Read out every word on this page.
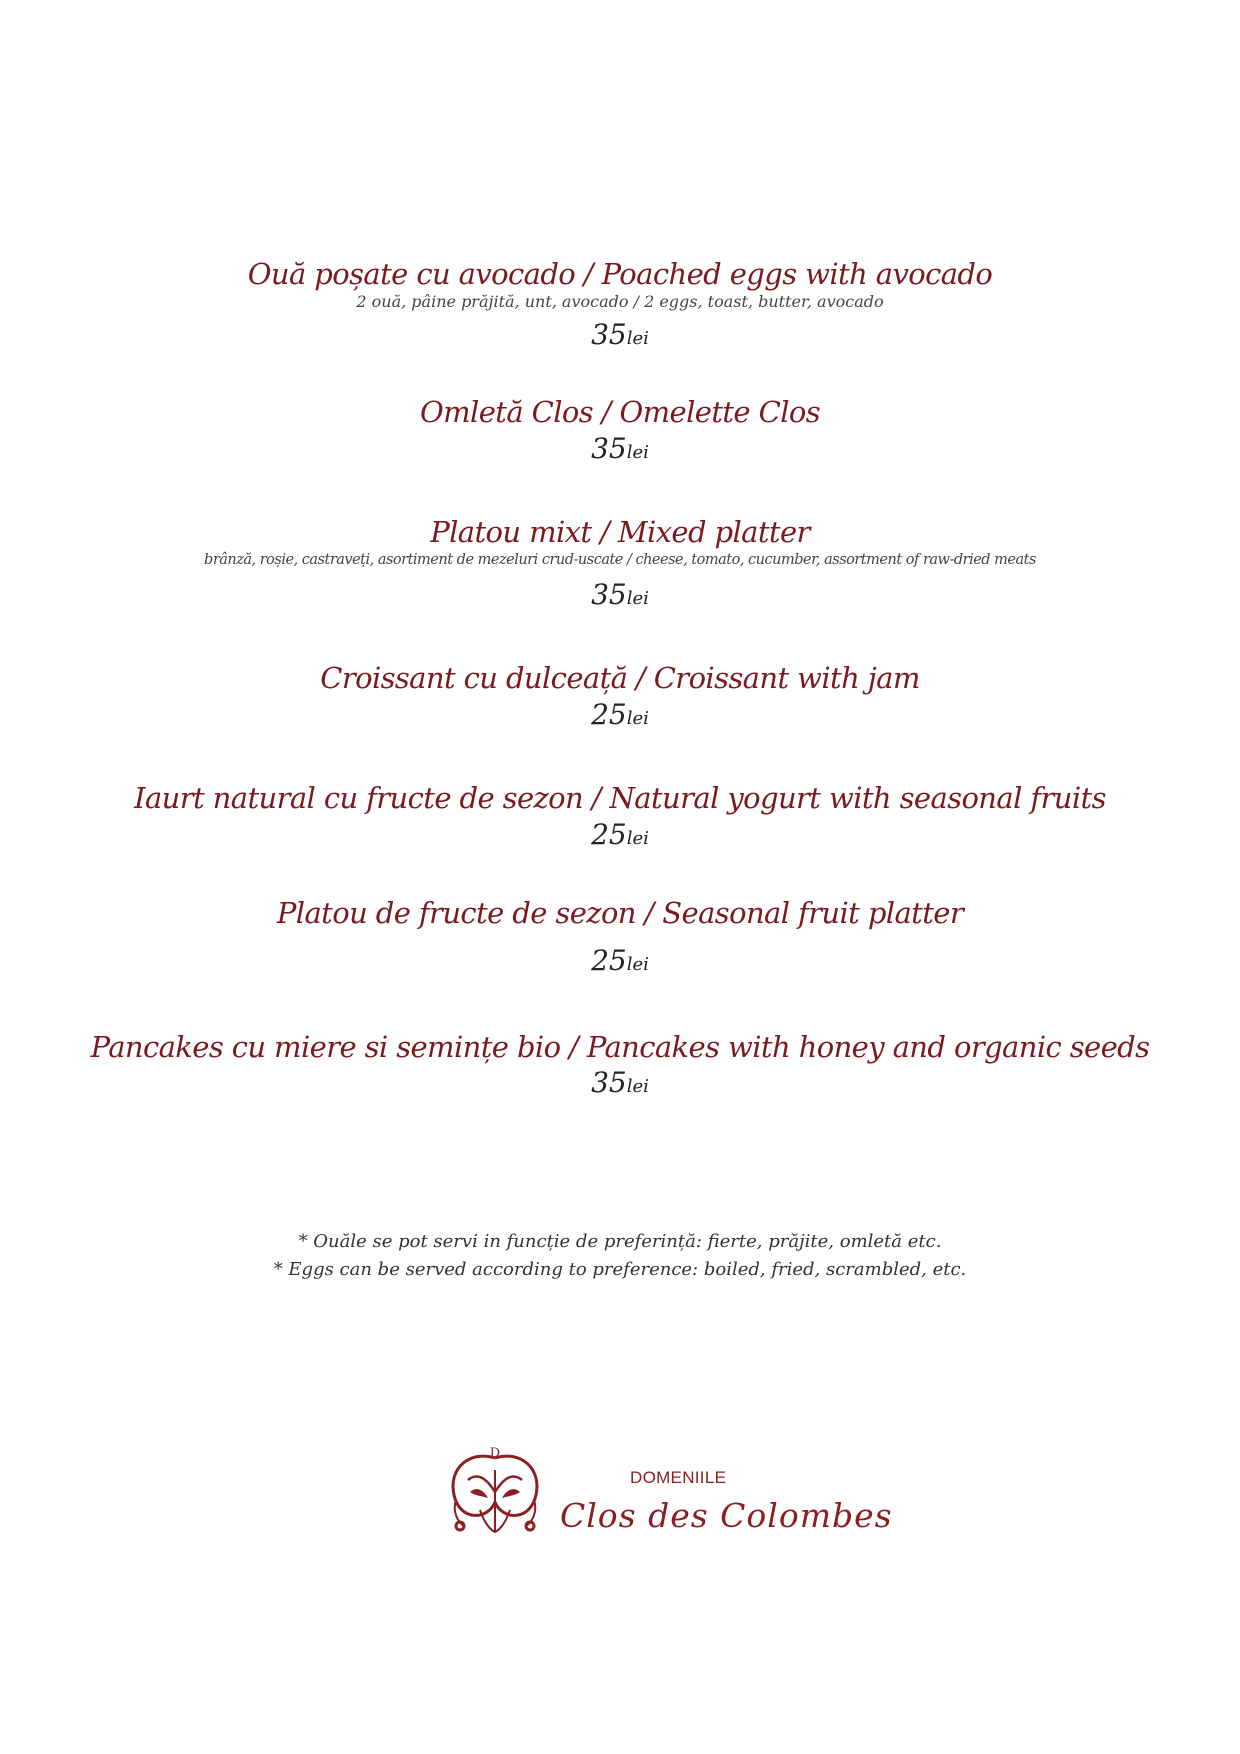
Ouă poșate cu avocado / Poached eggs with avocado
2 ouă, pâine prăjită, unt, avocado / 2 eggs, toast, butter, avocado
35lei
Omletă Clos / Omelette Clos
35lei
Platou mixt / Mixed platter
brânză, roșie, castraveți, asortiment de mezeluri crud-uscate / cheese, tomato, cucumber, assortment of raw-dried meats
35lei
Croissant cu dulceață / Croissant with jam
25lei
Iaurt natural cu fructe de sezon / Natural yogurt with seasonal fruits
25lei
Platou de fructe de sezon / Seasonal fruit platter
25lei
Pancakes cu miere si semințe bio / Pancakes with honey and organic seeds
35lei
* Ouăle se pot servi in funcție de preferință: fierte, prăjite, omletă etc.
* Eggs can be served according to preference: boiled, fried, scrambled, etc.
D
DOMENIILE
Clos des Colombes
